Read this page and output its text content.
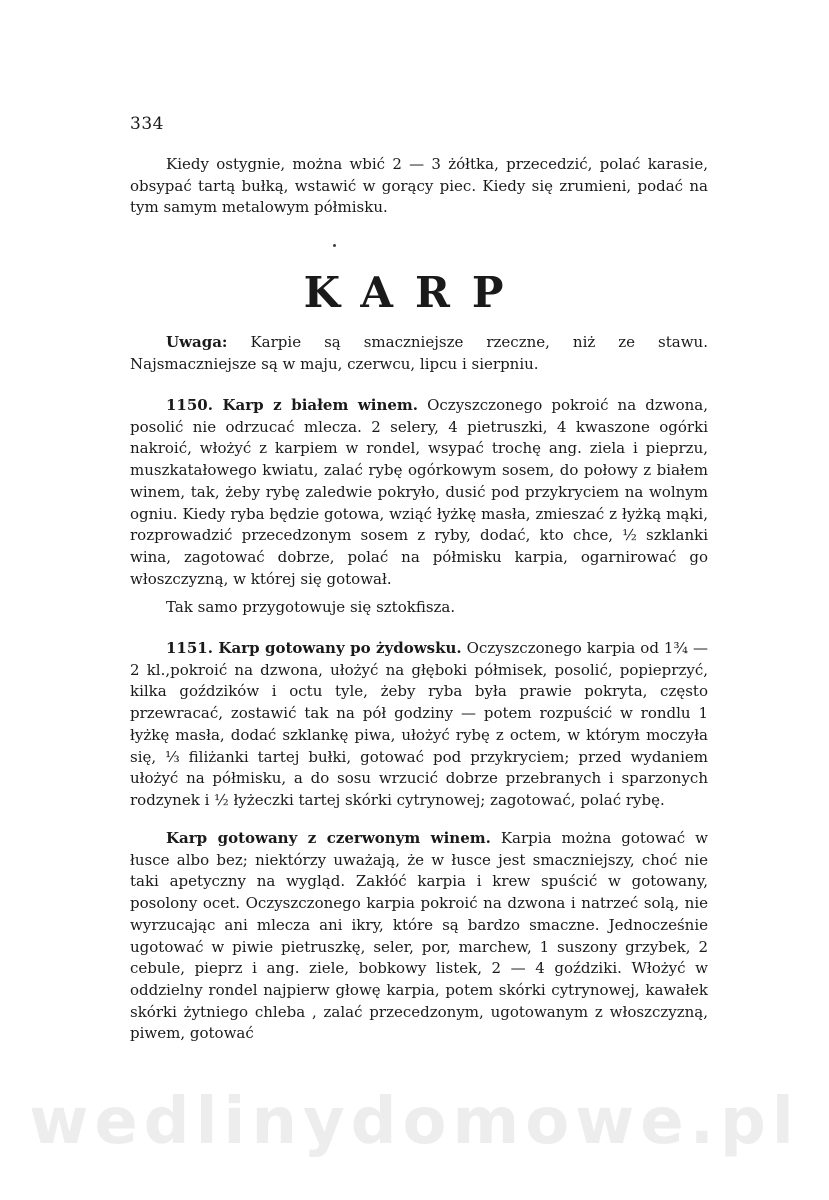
334

Kiedy ostygnie, można wbić 2 — 3 żółtka, przecedzić, polać karasie, obsypać tartą bułką, wstawić w gorący piec. Kiedy się zrumieni, podać na tym samym metalowym półmisku.

KARP

Uwaga: Karpie są smaczniejsze rzeczne, niż ze stawu. Najsmaczniejsze są w maju, czerwcu, lipcu i sierpniu.

1150. Karp z białem winem. Oczyszczonego pokroić na dzwona, posolić nie odrzucać mlecza. 2 selery, 4 pietruszki, 4 kwaszone ogórki nakroić, włożyć z karpiem w rondel, wsypać trochę ang. ziela i pieprzu, muszkatałowego kwiatu, zalać rybę ogórkowym sosem, do połowy z białem winem, tak, żeby rybę zaledwie pokryło, dusić pod przykryciem na wolnym ogniu. Kiedy ryba będzie gotowa, wziąć łyżkę masła, zmieszać z łyżką mąki, rozprowadzić przecedzonym sosem z ryby, dodać, kto chce, ½ szklanki wina, zagotować dobrze, polać na półmisku karpia, ogarnirować go włoszczyzną, w której się gotował.

Tak samo przygotowuje się sztokfisza.

1151. Karp gotowany po żydowsku. Oczyszczonego karpia od 1¾ — 2 kl.,pokroić na dzwona, ułożyć na głęboki półmisek, posolić, popieprzyć, kilka goździków i octu tyle, żeby ryba była prawie pokryta, często przewracać, zostawić tak na pół godziny — potem rozpuścić w rondlu 1 łyżkę masła, dodać szklankę piwa, ułożyć rybę z octem, w którym moczyła się, ⅓ filiżanki tartej bułki, gotować pod przykryciem; przed wydaniem ułożyć na półmisku, a do sosu wrzucić dobrze przebranych i sparzonych rodzynek i ½ łyżeczki tartej skórki cytrynowej; zagotować, polać rybę.

Karp gotowany z czerwonym winem. Karpia można gotować w łusce albo bez; niektórzy uważają, że w łusce jest smaczniejszy, choć nie taki apetyczny na wygląd. Zakłóć karpia i krew spuścić w gotowany, posolony ocet. Oczyszczonego karpia pokroić na dzwona i natrzeć solą, nie wyrzucając ani mlecza ani ikry, które są bardzo smaczne. Jednocześnie ugotować w piwie pietruszkę, seler, por, marchew, 1 suszony grzybek, 2 cebule, pieprz i ang. ziele, bobkowy listek, 2 — 4 goździki. Włożyć w oddzielny rondel najpierw głowę karpia, potem skórki cytrynowej, kawałek skórki żytniego chleba , zalać przecedzonym, ugotowanym z włoszczyzną, piwem, gotować

wedlinydomowe.pl
